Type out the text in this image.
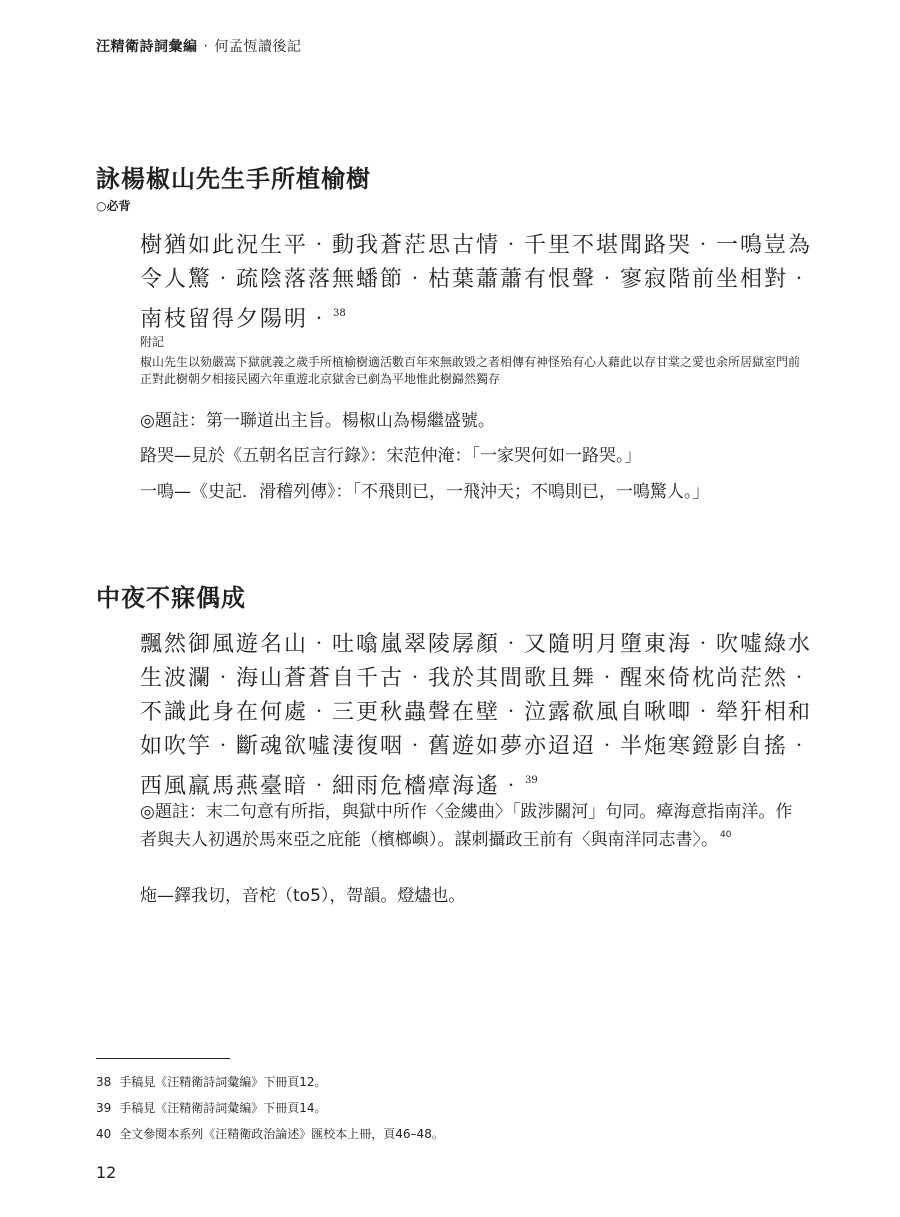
汪精衛詩詞彙編 ‧ 何孟恆讀後記
詠楊椒山先生手所植榆樹
○必背
樹猶如此況生平‧動我蒼茫思古情‧千里不堪聞路哭‧一鳴豈為
令人驚‧疏陰落落無蟠節‧枯葉蕭蕭有恨聲‧寥寂階前坐相對‧
南枝留得夕陽明‧$^{38}$
附記
椒山先生以劾嚴嵩下獄就義之歲手所植榆樹適活數百年來無敢毀之者相傳有神怪殆有心人藉此以存甘棠之愛也余所居獄室門前正對此樹朝夕相接民國六年重遊北京獄舍已剷為平地惟此樹巋然獨存
◎題註：第一聯道出主旨。楊椒山為楊繼盛號。
路哭—見於《五朝名臣言行錄》：宋范仲淹：「一家哭何如一路哭。」
一鳴—《史記．滑稽列傳》：「不飛則已，一飛沖天；不鳴則已，一鳴驚人。」
中夜不寐偶成
飄然御風遊名山‧吐噏嵐翠陵孱顏‧又隨明月墮東海‧吹噓綠水
生波瀾‧海山蒼蒼自千古‧我於其間歌且舞‧醒來倚枕尚茫然‧
不識此身在何處‧三更秋蟲聲在壁‧泣露欷風自啾唧‧犖犴相和
如吹竽‧斷魂欲噓淒復咽‧舊遊如夢亦迢迢‧半炧寒鐙影自搖‧
西風羸馬燕臺暗‧細雨危檣瘴海遙‧$^{39}$
◎題註：末二句意有所指，與獄中所作〈金縷曲〉「跋涉關河」句同。瘴海意指南洋。作者與夫人初遇於馬來亞之庇能（檳榔嶼）。謀刺攝政王前有〈與南洋同志書〉。 $^{40}$
炧—鐸我切，音柁（to5），哿韻。燈燼也。
38 手稿見《汪精衛詩詞彙編》下冊頁12。
39 手稿見《汪精衛詩詞彙編》下冊頁14。
40 全文參閱本系列《汪精衛政治論述》匯校本上冊，頁46–48。
12
